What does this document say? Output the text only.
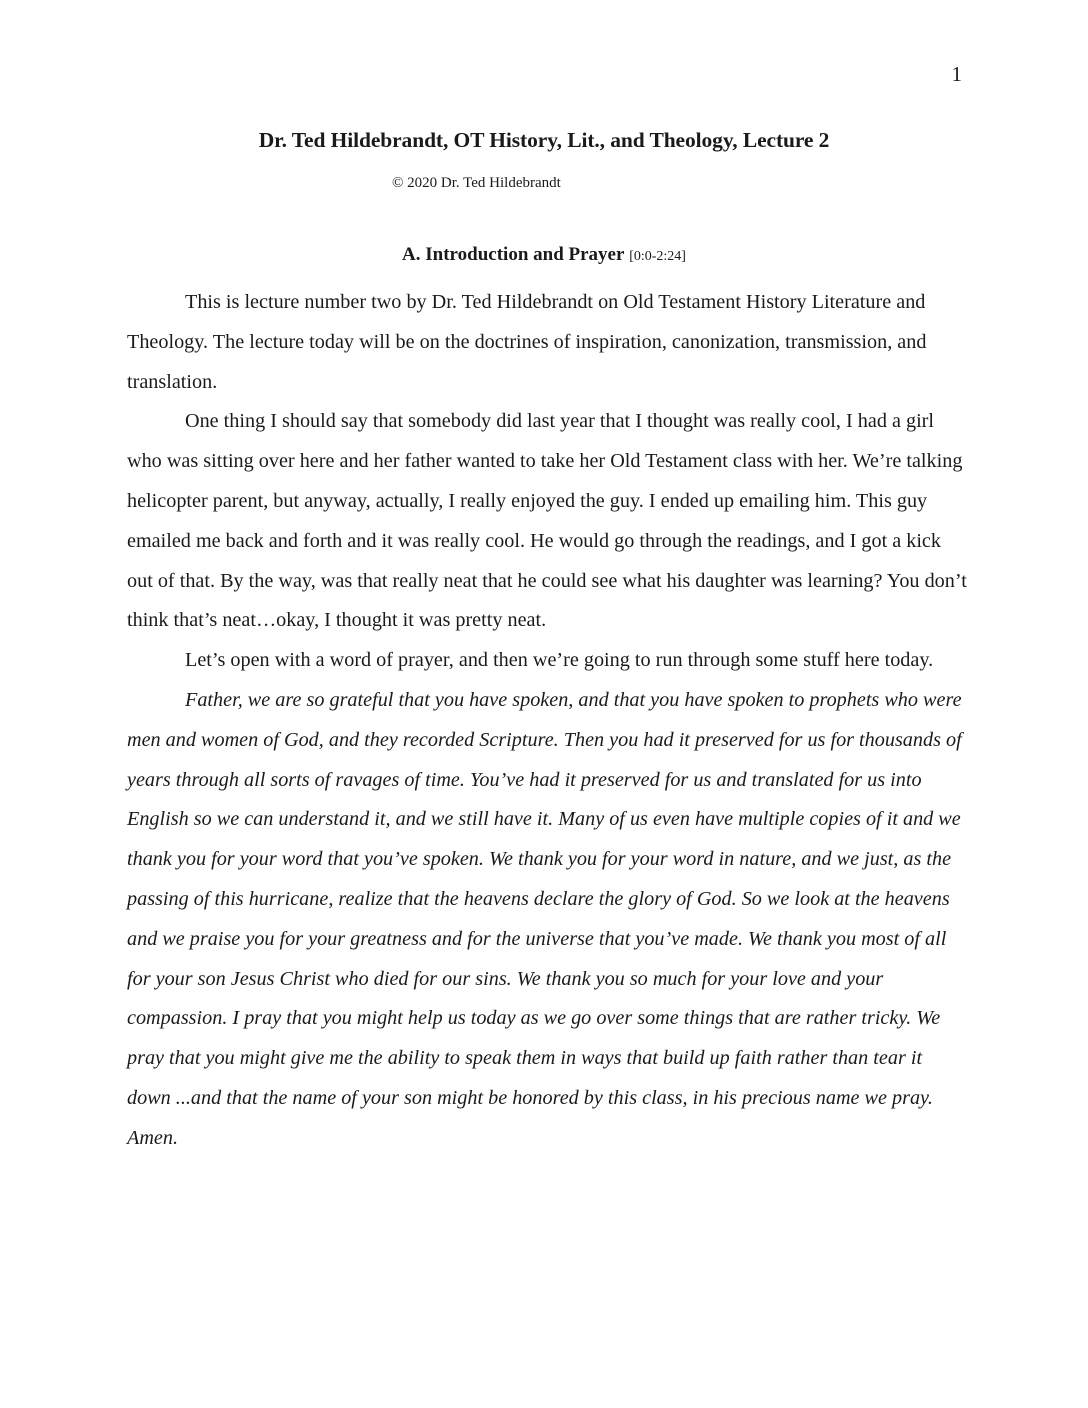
1
Dr. Ted Hildebrandt, OT History, Lit., and Theology, Lecture 2
© 2020 Dr. Ted Hildebrandt
A. Introduction and Prayer [0:0-2:24]

This is lecture number two by Dr. Ted Hildebrandt on Old Testament History Literature and Theology. The lecture today will be on the doctrines of inspiration, canonization, transmission, and translation.

One thing I should say that somebody did last year that I thought was really cool, I had a girl who was sitting over here and her father wanted to take her Old Testament class with her. We’re talking helicopter parent, but anyway, actually, I really enjoyed the guy. I ended up emailing him. This guy emailed me back and forth and it was really cool. He would go through the readings, and I got a kick out of that. By the way, was that really neat that he could see what his daughter was learning? You don’t think that’s neat…okay, I thought it was pretty neat.

Let’s open with a word of prayer, and then we’re going to run through some stuff here today.

Father, we are so grateful that you have spoken, and that you have spoken to prophets who were men and women of God, and they recorded Scripture. Then you had it preserved for us for thousands of years through all sorts of ravages of time. You’ve had it preserved for us and translated for us into English so we can understand it, and we still have it. Many of us even have multiple copies of it and we thank you for your word that you’ve spoken. We thank you for your word in nature, and we just, as the passing of this hurricane, realize that the heavens declare the glory of God. So we look at the heavens and we praise you for your greatness and for the universe that you’ve made. We thank you most of all for your son Jesus Christ who died for our sins. We thank you so much for your love and your compassion. I pray that you might help us today as we go over some things that are rather tricky. We pray that you might give me the ability to speak them in ways that build up faith rather than tear it down ...and that the name of your son might be honored by this class, in his precious name we pray. Amen.
